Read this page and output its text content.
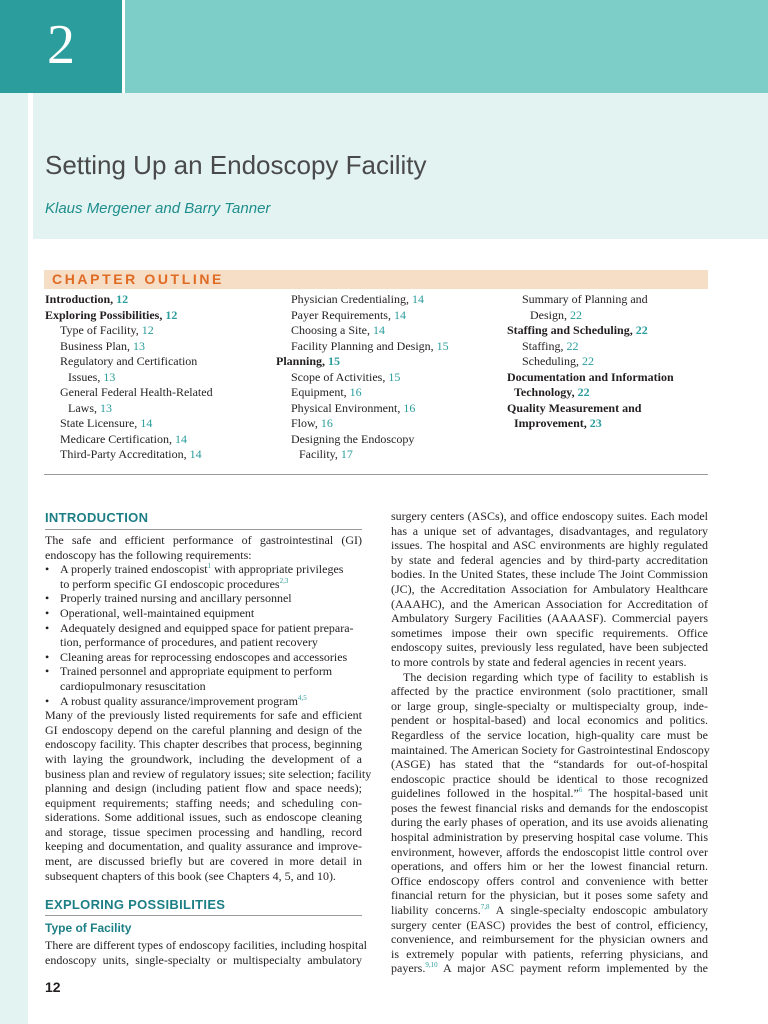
2
Setting Up an Endoscopy Facility
Klaus Mergener and Barry Tanner
CHAPTER OUTLINE
Introduction, 12
Exploring Possibilities, 12
Type of Facility, 12
Business Plan, 13
Regulatory and Certification
Issues, 13
General Federal Health-Related
Laws, 13
State Licensure, 14
Medicare Certification, 14
Third-Party Accreditation, 14
Physician Credentialing, 14
Payer Requirements, 14
Choosing a Site, 14
Facility Planning and Design, 15
Planning, 15
Scope of Activities, 15
Equipment, 16
Physical Environment, 16
Flow, 16
Designing the Endoscopy
Facility, 17
Summary of Planning and
Design, 22
Staffing and Scheduling, 22
Staffing, 22
Scheduling, 22
Documentation and Information
Technology, 22
Quality Measurement and
Improvement, 23
INTRODUCTION
The safe and efficient performance of gastrointestinal (GI)
endoscopy has the following requirements:
• A properly trained endoscopist$^1$ with appropriate privileges
to perform specific GI endoscopic procedures$^{2,3}$
• Properly trained nursing and ancillary personnel
• Operational, well-maintained equipment
• Adequately designed and equipped space for patient prepara-
tion, performance of procedures, and patient recovery
• Cleaning areas for reprocessing endoscopes and accessories
• Trained personnel and appropriate equipment to perform
cardiopulmonary resuscitation
• A robust quality assurance/improvement program$^{4,5}$
Many of the previously listed requirements for safe and efficient
GI endoscopy depend on the careful planning and design of the
endoscopy facility. This chapter describes that process, beginning
with laying the groundwork, including the development of a
business plan and review of regulatory issues; site selection; facility
planning and design (including patient flow and space needs);
equipment requirements; staffing needs; and scheduling con-
siderations. Some additional issues, such as endoscope cleaning
and storage, tissue specimen processing and handling, record
keeping and documentation, and quality assurance and improve-
ment, are discussed briefly but are covered in more detail in
subsequent chapters of this book (see Chapters 4, 5, and 10).
EXPLORING POSSIBILITIES
Type of Facility
There are different types of endoscopy facilities, including hospital
endoscopy units, single-specialty or multispecialty ambulatory
surgery centers (ASCs), and office endoscopy suites. Each model
has a unique set of advantages, disadvantages, and regulatory
issues. The hospital and ASC environments are highly regulated
by state and federal agencies and by third-party accreditation
bodies. In the United States, these include The Joint Commission
(JC), the Accreditation Association for Ambulatory Healthcare
(AAAHC), and the American Association for Accreditation of
Ambulatory Surgery Facilities (AAAASF). Commercial payers
sometimes impose their own specific requirements. Office
endoscopy suites, previously less regulated, have been subjected
to more controls by state and federal agencies in recent years.
The decision regarding which type of facility to establish is
affected by the practice environment (solo practitioner, small
or large group, single-specialty or multispecialty group, inde-
pendent or hospital-based) and local economics and politics.
Regardless of the service location, high-quality care must be
maintained. The American Society for Gastrointestinal Endoscopy
(ASGE) has stated that the “standards for out-of-hospital
endoscopic practice should be identical to those recognized
guidelines followed in the hospital.”$^6$ The hospital-based unit
poses the fewest financial risks and demands for the endoscopist
during the early phases of operation, and its use avoids alienating
hospital administration by preserving hospital case volume. This
environment, however, affords the endoscopist little control over
operations, and offers him or her the lowest financial return.
Office endoscopy offers control and convenience with better
financial return for the physician, but it poses some safety and
liability concerns.$^{7,8}$ A single-specialty endoscopic ambulatory
surgery center (EASC) provides the best of control, efficiency,
convenience, and reimbursement for the physician owners and
is extremely popular with patients, referring physicians, and
payers.$^{9,10}$ A major ASC payment reform implemented by the
12
